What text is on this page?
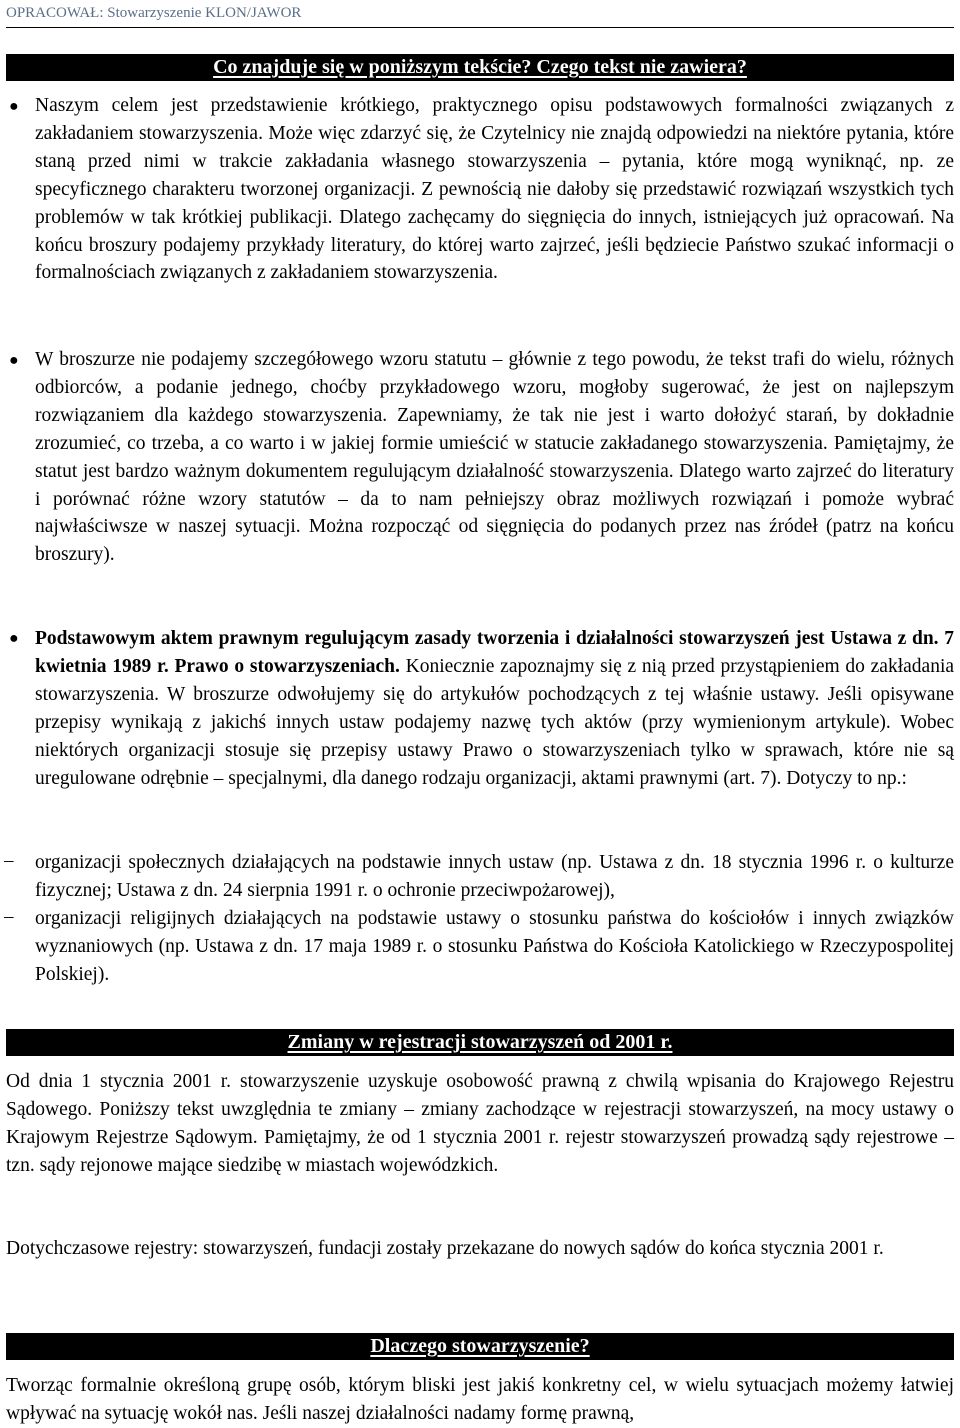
OPRACOWAŁ: Stowarzyszenie KLON/JAWOR
Co znajduje się w poniższym tekście? Czego tekst nie zawiera?
● Naszym celem jest przedstawienie krótkiego, praktycznego opisu podstawowych formalności związanych z zakładaniem stowarzyszenia. Może więc zdarzyć się, że Czytelnicy nie znajdą odpowiedzi na niektóre pytania, które staną przed nimi w trakcie zakładania własnego stowarzyszenia – pytania, które mogą wyniknąć, np. ze specyficznego charakteru tworzonej organizacji. Z pewnością nie dałoby się przedstawić rozwiązań wszystkich tych problemów w tak krótkiej publikacji. Dlatego zachęcamy do sięgnięcia do innych, istniejących już opracowań. Na końcu broszury podajemy przykłady literatury, do której warto zajrzeć, jeśli będziecie Państwo szukać informacji o formalnościach związanych z zakładaniem stowarzyszenia.
● W broszurze nie podajemy szczegółowego wzoru statutu – głównie z tego powodu, że tekst trafi do wielu, różnych odbiorców, a podanie jednego, choćby przykładowego wzoru, mogłoby sugerować, że jest on najlepszym rozwiązaniem dla każdego stowarzyszenia. Zapewniamy, że tak nie jest i warto dołożyć starań, by dokładnie zrozumieć, co trzeba, a co warto i w jakiej formie umieścić w statucie zakładanego stowarzyszenia. Pamiętajmy, że statut jest bardzo ważnym dokumentem regulującym działalność stowarzyszenia. Dlatego warto zajrzeć do literatury i porównać różne wzory statutów – da to nam pełniejszy obraz możliwych rozwiązań i pomoże wybrać najwłaściwsze w naszej sytuacji. Można rozpocząć od sięgnięcia do podanych przez nas źródeł (patrz na końcu broszury).
● Podstawowym aktem prawnym regulującym zasady tworzenia i działalności stowarzyszeń jest Ustawa z dn. 7 kwietnia 1989 r. Prawo o stowarzyszeniach. Koniecznie zapoznajmy się z nią przed przystąpieniem do zakładania stowarzyszenia. W broszurze odwołujemy się do artykułów pochodzących z tej właśnie ustawy. Jeśli opisywane przepisy wynikają z jakichś innych ustaw podajemy nazwę tych aktów (przy wymienionym artykule). Wobec niektórych organizacji stosuje się przepisy ustawy Prawo o stowarzyszeniach tylko w sprawach, które nie są uregulowane odrębnie – specjalnymi, dla danego rodzaju organizacji, aktami prawnymi (art. 7). Dotyczy to np.:
– organizacji społecznych działających na podstawie innych ustaw (np. Ustawa z dn. 18 stycznia 1996 r. o kulturze fizycznej; Ustawa z dn. 24 sierpnia 1991 r. o ochronie przeciwpożarowej),
– organizacji religijnych działających na podstawie ustawy o stosunku państwa do kościołów i innych związków wyznaniowych (np. Ustawa z dn. 17 maja 1989 r. o stosunku Państwa do Kościoła Katolickiego w Rzeczypospolitej Polskiej).
Zmiany w rejestracji stowarzyszeń od 2001 r.
Od dnia 1 stycznia 2001 r. stowarzyszenie uzyskuje osobowość prawną z chwilą wpisania do Krajowego Rejestru Sądowego. Poniższy tekst uwzględnia te zmiany – zmiany zachodzące w rejestracji stowarzyszeń, na mocy ustawy o Krajowym Rejestrze Sądowym. Pamiętajmy, że od 1 stycznia 2001 r. rejestr stowarzyszeń prowadzą sądy rejestrowe – tzn. sądy rejonowe mające siedzibę w miastach wojewódzkich.
Dotychczasowe rejestry: stowarzyszeń, fundacji zostały przekazane do nowych sądów do końca stycznia 2001 r.
Dlaczego stowarzyszenie?
Tworząc formalnie określoną grupę osób, którym bliski jest jakiś konkretny cel, w wielu sytuacjach możemy łatwiej wpływać na sytuację wokół nas. Jeśli naszej działalności nadamy formę prawną,
